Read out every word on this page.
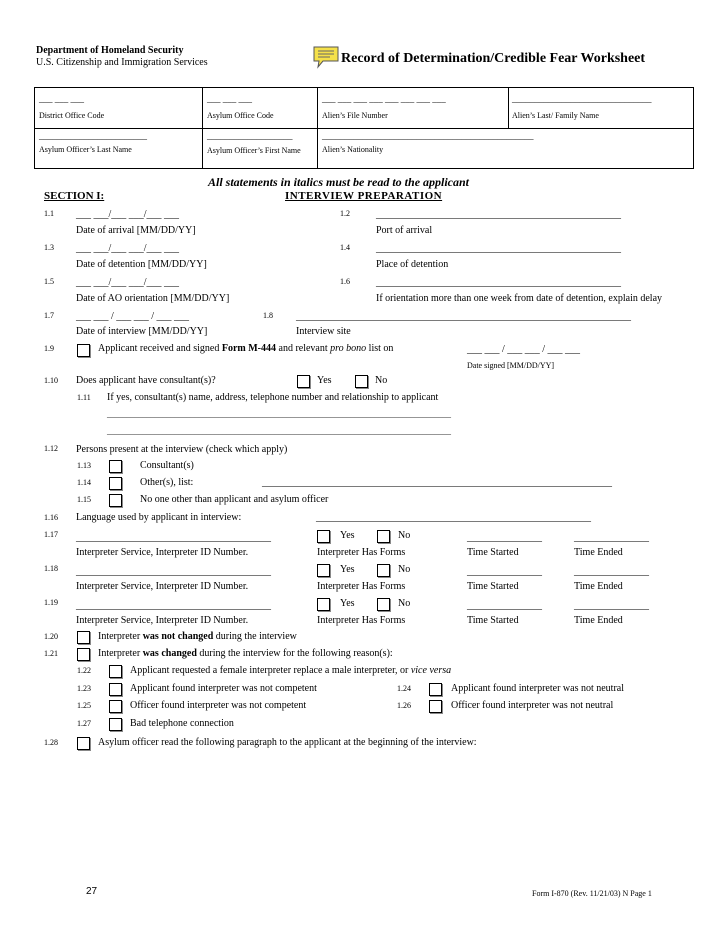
Department of Homeland Security
U.S. Citizenship and Immigration Services	Record of Determination/Credible Fear Worksheet
___ ___ ___	___ ___ ___	___ ___ ___ ___ ___ ___ ___ ___	_______________________________
District Office Code	Asylum Office Code	Alien’s File Number	Alien’s Last/ Family Name
________________________	___________________	_______________________________________________
Asylum Officer’s Last Name	Asylum Officer’s First Name	Alien’s Nationality
All statements in italics must be read to the applicant
SECTION I:	INTERVIEW PREPARATION
1.1 ___ ___/___ ___/___ ___
Date of arrival [MM/DD/YY]
1.2	_________________________________________________
Port of arrival
1.3 ___ ___/___ ___/___ ___
Date of detention [MM/DD/YY]
1.4	_________________________________________________
Place of detention
1.5 ___ ___/___ ___/___ ___
Date of AO orientation [MM/DD/YY]
1.6	_________________________________________________
If orientation more than one week from date of detention, explain delay
1.7 ___ ___ / ___ ___ / ___ ___
Date of interview [MM/DD/YY]
1.8 ___________________________________________________________________
Interview site
1.9	Applicant received and signed Form M-444 and relevant pro bono list on	___ ___ / ___ ___ / ___ ___
Date signed [MM/DD/YY]
1.10 Does applicant have consultant(s)?	Yes	No
1.11 If yes, consultant(s) name, address, telephone number and relationship to applicant
______________________________________________________________________________________
______________________________________________________________________________________
1.12 Persons present at the interview (check which apply)
1.13	Consultant(s)
1.14	Other(s), list:	______________________________________________________________________
1.15	No one other than applicant and asylum officer
1.16 Language used by applicant in interview:	_______________________________________________________
1.17 _______________________________________	Yes	No	_______________	_______________
Interpreter Service, Interpreter ID Number.	Interpreter Has Forms	Time Started	Time Ended
1.18 _______________________________________	Yes	No	_______________	_______________
Interpreter Service, Interpreter ID Number.	Interpreter Has Forms	Time Started	Time Ended
1.19 _______________________________________	Yes	No	_______________	_______________
Interpreter Service, Interpreter ID Number.	Interpreter Has Forms	Time Started	Time Ended
1.20	Interpreter was not changed during the interview
1.21	Interpreter was changed during the interview for the following reason(s):
1.22	Applicant requested a female interpreter replace a male interpreter, or vice versa
1.23	Applicant found interpreter was not competent	1.24	Applicant found interpreter was not neutral
1.25	Officer found interpreter was not competent	1.26	Officer found interpreter was not neutral
1.27	Bad telephone connection
1.28	Asylum officer read the following paragraph to the applicant at the beginning of the interview:
27	Form I-870 (Rev. 11/21/03) N Page 1
